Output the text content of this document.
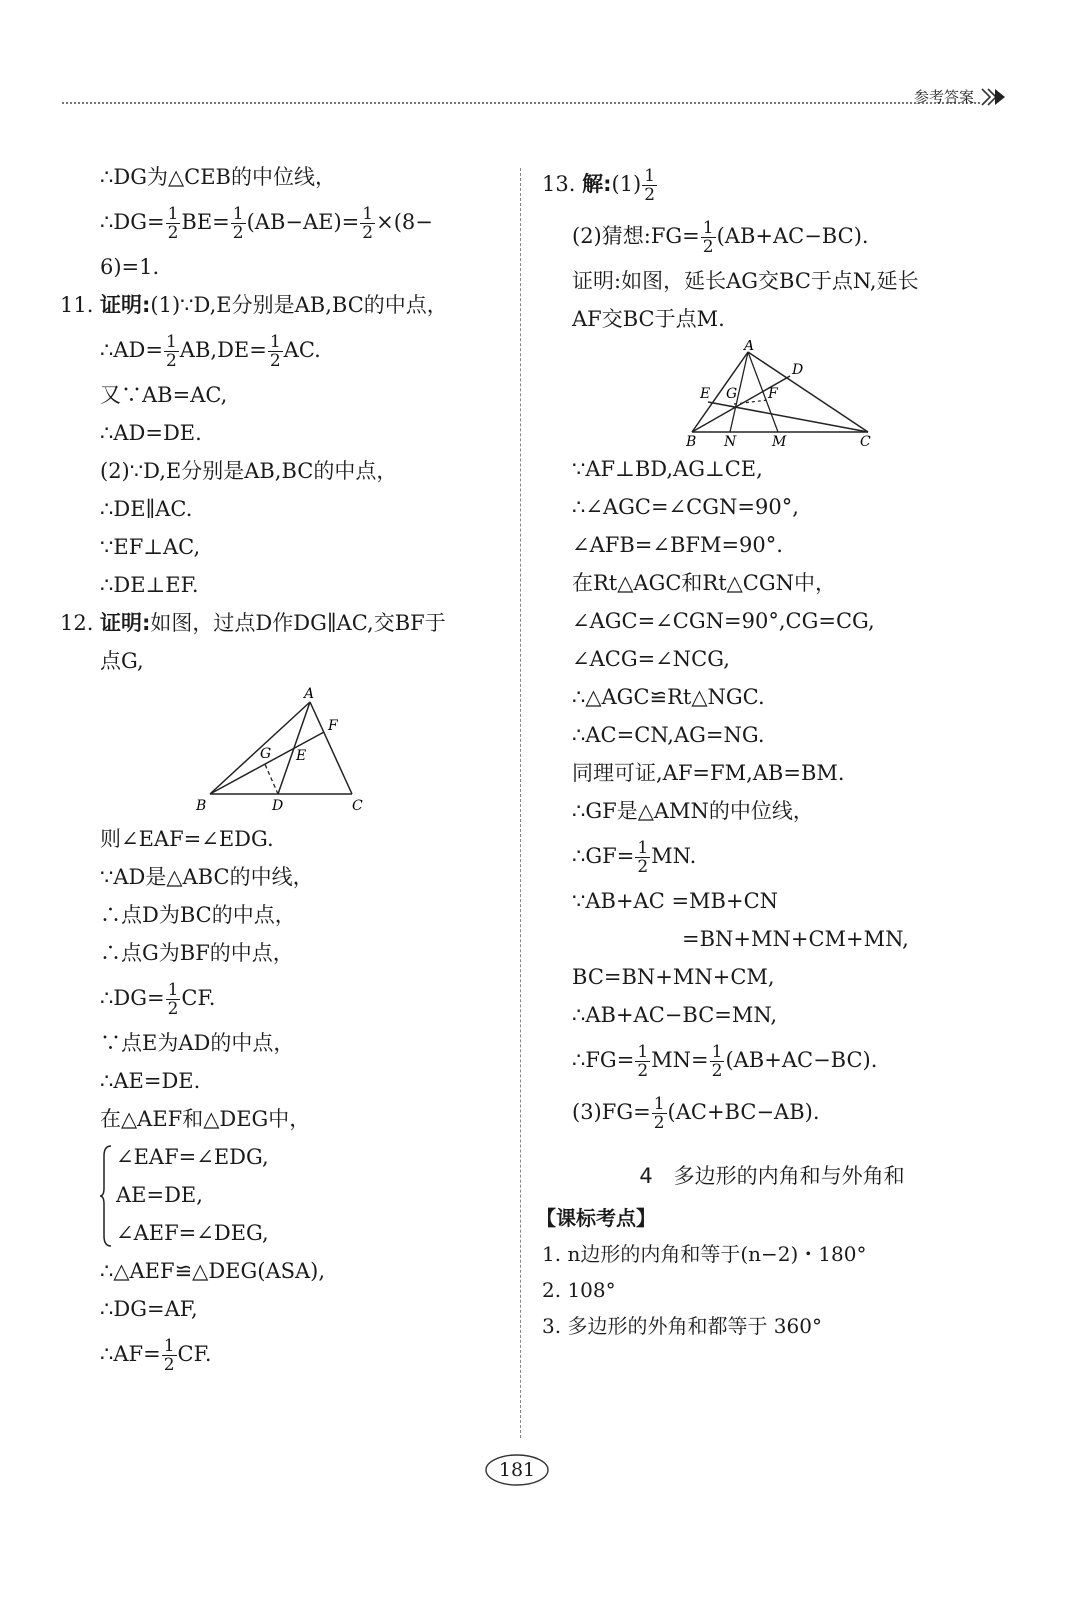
参考答案
∴DG为△CEB的中位线，
∴DG= $\frac{1}{2} BE= \frac{1}{2} (AB-AE)= \frac{1}{2} \times(8-$
6)=1.
11. 证明:(1)∵D,E分别是AB,BC的中点，
∴AD= $\frac{1}{2} AB,DE= \frac{1}{2}$ AC.
又∵AB=AC,
∴AD=DE.
(2)∵D,E分别是AB,BC的中点，
∴DE∥AC.
∵EF⊥AC,
∴DE⊥EF.
12. 证明:如图，过点D作DG∥AC,交BF于
点G,
A
B	C
D
E
F
G
则∠EAF=∠EDG.
∵AD是△ABC的中线，
∴点D为BC的中点，
∴点G为BF的中点，
∴DG= $\frac{1}{2}$ CF.
∵点E为AD的中点，
∴AE=DE.
在△AEF和△DEG中，
∠EAF=∠EDG,
AE=DE,
∠AEF=∠DEG,
∴△AEF≌△DEG(ASA),
∴DG=AF,
∴AF= $\frac{1}{2}$ CF.
13. 解:(1) $\frac{1}{2}$
(2)猜想:FG= $\frac{1}{2} (AB+AC-BC)$.
证明:如图，延长AG交BC于点N,延长
AF交BC于点M.
A
B	C
D
E	F
G
M
N
∵AF⊥BD,AG⊥CE,
∴∠AGC=∠CGN=90°,
∠AFB=∠BFM=90°.
在Rt△AGC和Rt△CGN中，
∠AGC=∠CGN=90°,CG=CG,
∠ACG=∠NCG,
∴△AGC≌Rt△NGC.
∴AC=CN,AG=NG.
同理可证,AF=FM,AB=BM.
∴GF是△AMN的中位线，
∴GF= $\frac{1}{2}$ MN.
∵AB+AC =MB+CN
=BN+MN+CM+MN,
BC=BN+MN+CM,
∴AB+AC−BC=MN,
∴FG= $\frac{1}{2} MN= \frac{1}{2} (AB+AC-BC)$.
$(3)FG= \frac{1}{2} (AC+BC-AB)$.
4　多边形的内角和与外角和
【课标考点】
1. n边形的内角和等于(n−2)・180°
2. 108°
3. 多边形的外角和都等于 360°
181
